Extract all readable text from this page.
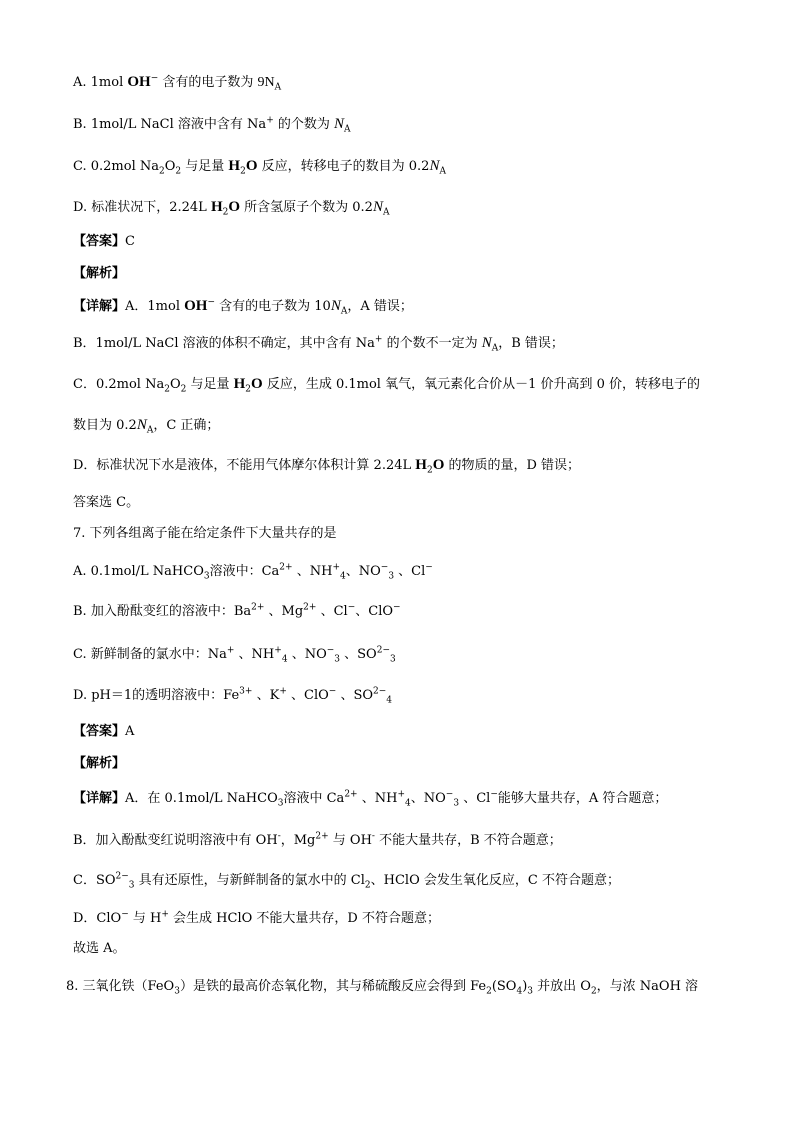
A. 1mol OH− 含有的电子数为 $9N_A$
B. 1mol/L NaCl 溶液中含有 Na+ 的个数为 $N_A$
C. 0.2mol $Na_2O_2$ 与足量 $H_2O$ 反应，转移电子的数目为 $0.2N_A$
D. 标准状况下，2.24L $H_2O$ 所含氢原子个数为 $0.2N_A$
【答案】C
【解析】
【详解】A．1mol OH− 含有的电子数为 $10N_A$，A 错误；
B．1mol/L NaCl 溶液的体积不确定，其中含有 Na+ 的个数不一定为 $N_A$，B 错误；
C．0.2mol $Na_2O_2$ 与足量 $H_2O$ 反应，生成 0.1mol 氧气，氧元素化合价从－1 价升高到 0 价，转移电子的
数目为 $0.2N_A$，C 正确；
D．标准状况下水是液体，不能用气体摩尔体积计算 2.24L $H_2O$ 的物质的量，D 错误；
答案选 C。
7. 下列各组离子能在给定条件下大量共存的是
A. 0.1mol/L NaHCO$_3$溶液中：$Ca^{2+}$ 、$NH^+_4$、$NO^-_3$ 、Cl−
B. 加入酚酞变红的溶液中：$Ba^{2+}$ 、$Mg^{2+}$ 、Cl−、ClO−
C. 新鲜制备的氯水中：Na+ 、$NH^+_4$ 、$NO^-_3$ 、$SO^{2-}_3$
D. pH＝1的透明溶液中：$Fe^{3+}$ 、K+ 、ClO− 、$SO^{2-}_4$
【答案】A
【解析】
【详解】A．在 0.1mol/L NaHCO$_3$溶液中 $Ca^{2+}$ 、$NH^+_4$、$NO^-_3$ 、Cl−能够大量共存，A 符合题意；
B．加入酚酞变红说明溶液中有 OH-，$Mg^{2+}$ 与 OH- 不能大量共存，B 不符合题意；
C．$SO^{2-}_3$ 具有还原性，与新鲜制备的氯水中的 $Cl_2$、HClO 会发生氧化反应，C 不符合题意；
D．ClO− 与 H+ 会生成 HClO 不能大量共存，D 不符合题意；
故选 A。
8. 三氧化铁（FeO$_3$）是铁的最高价态氧化物，其与稀硫酸反应会得到 $Fe_2(SO_4)_3$ 并放出 $O_2$，与浓 NaOH 溶
